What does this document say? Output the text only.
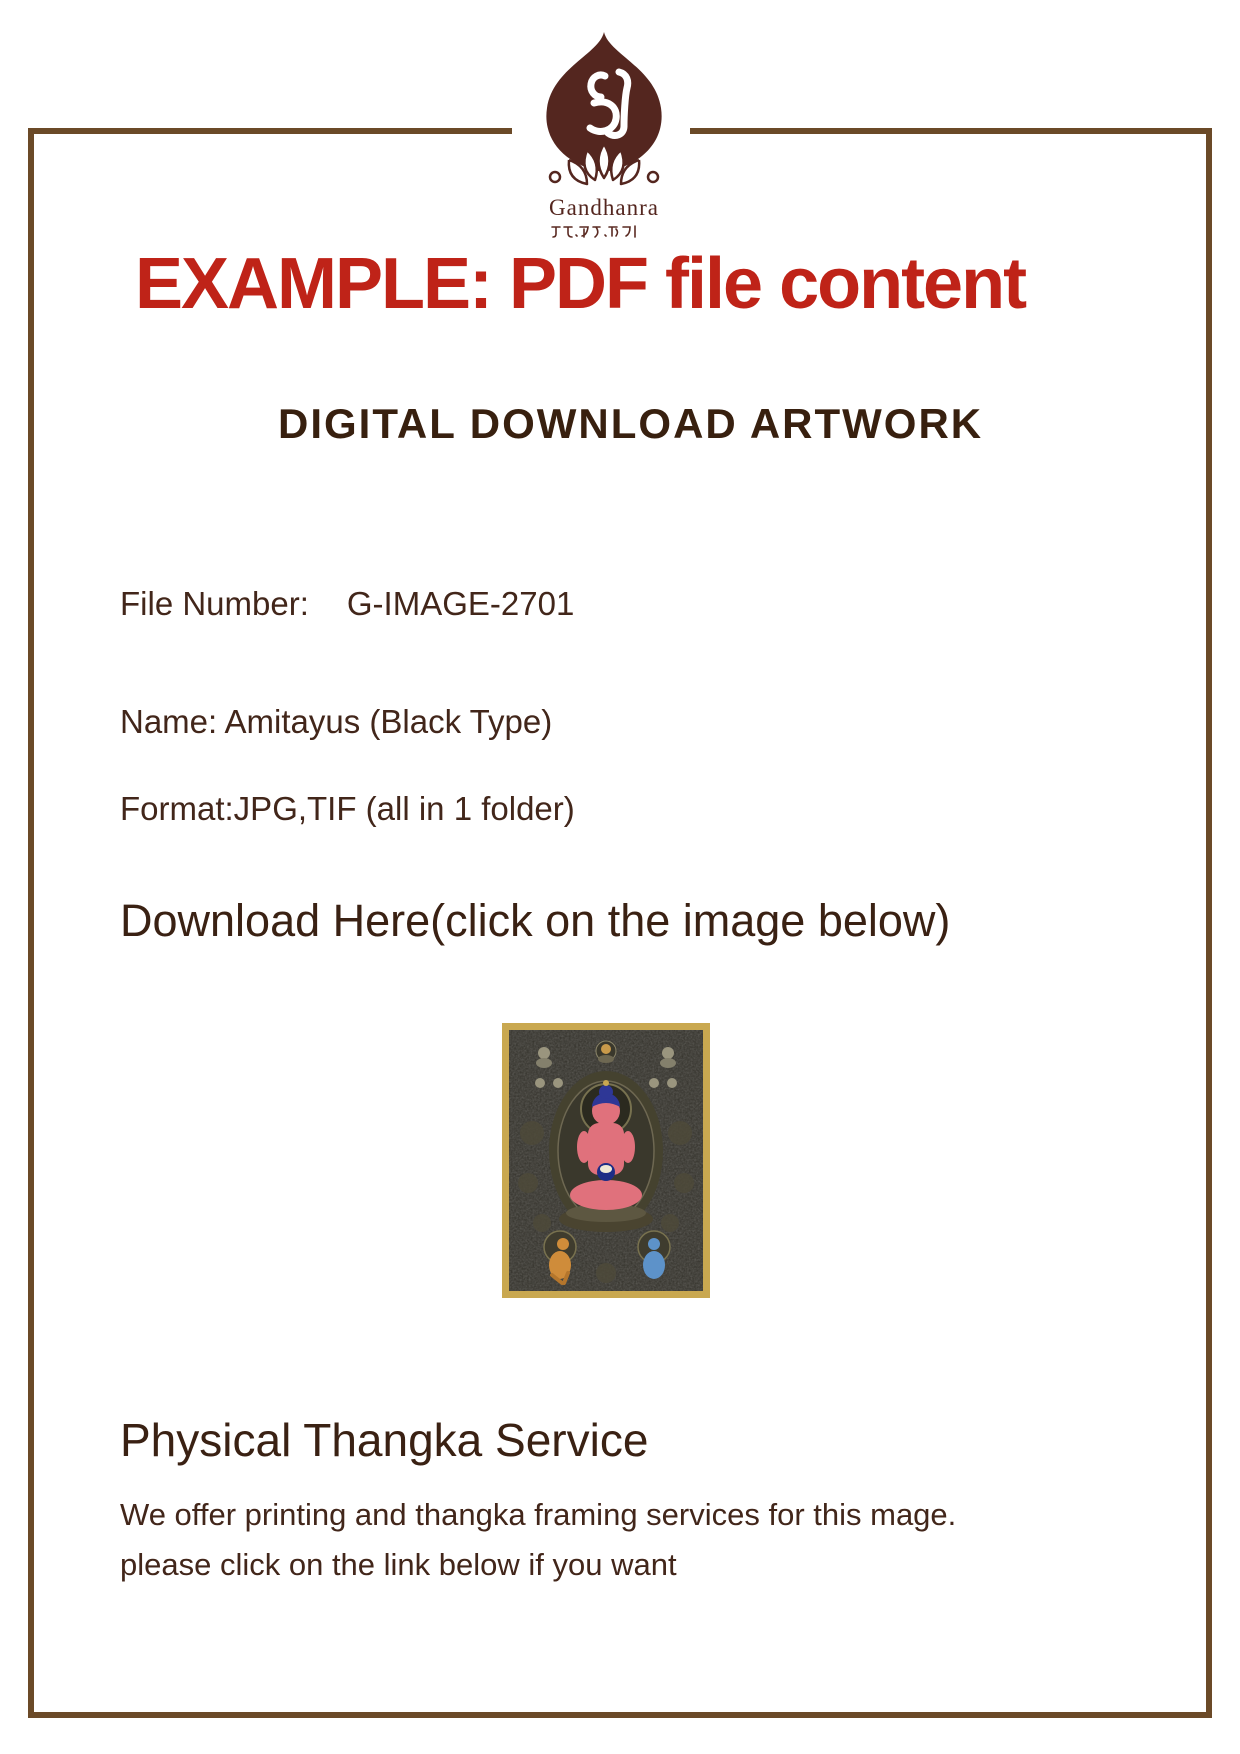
Gandhanra
EXAMPLE: PDF file content
DIGITAL DOWNLOAD ARTWORK
File Number: G-IMAGE-2701
Name: Amitayus (Black Type)
Format:JPG,TIF (all in 1 folder)
Download Here(click on the image below)
Physical Thangka Service
We offer printing and thangka framing services for this mage.
please click on the link below if you want
